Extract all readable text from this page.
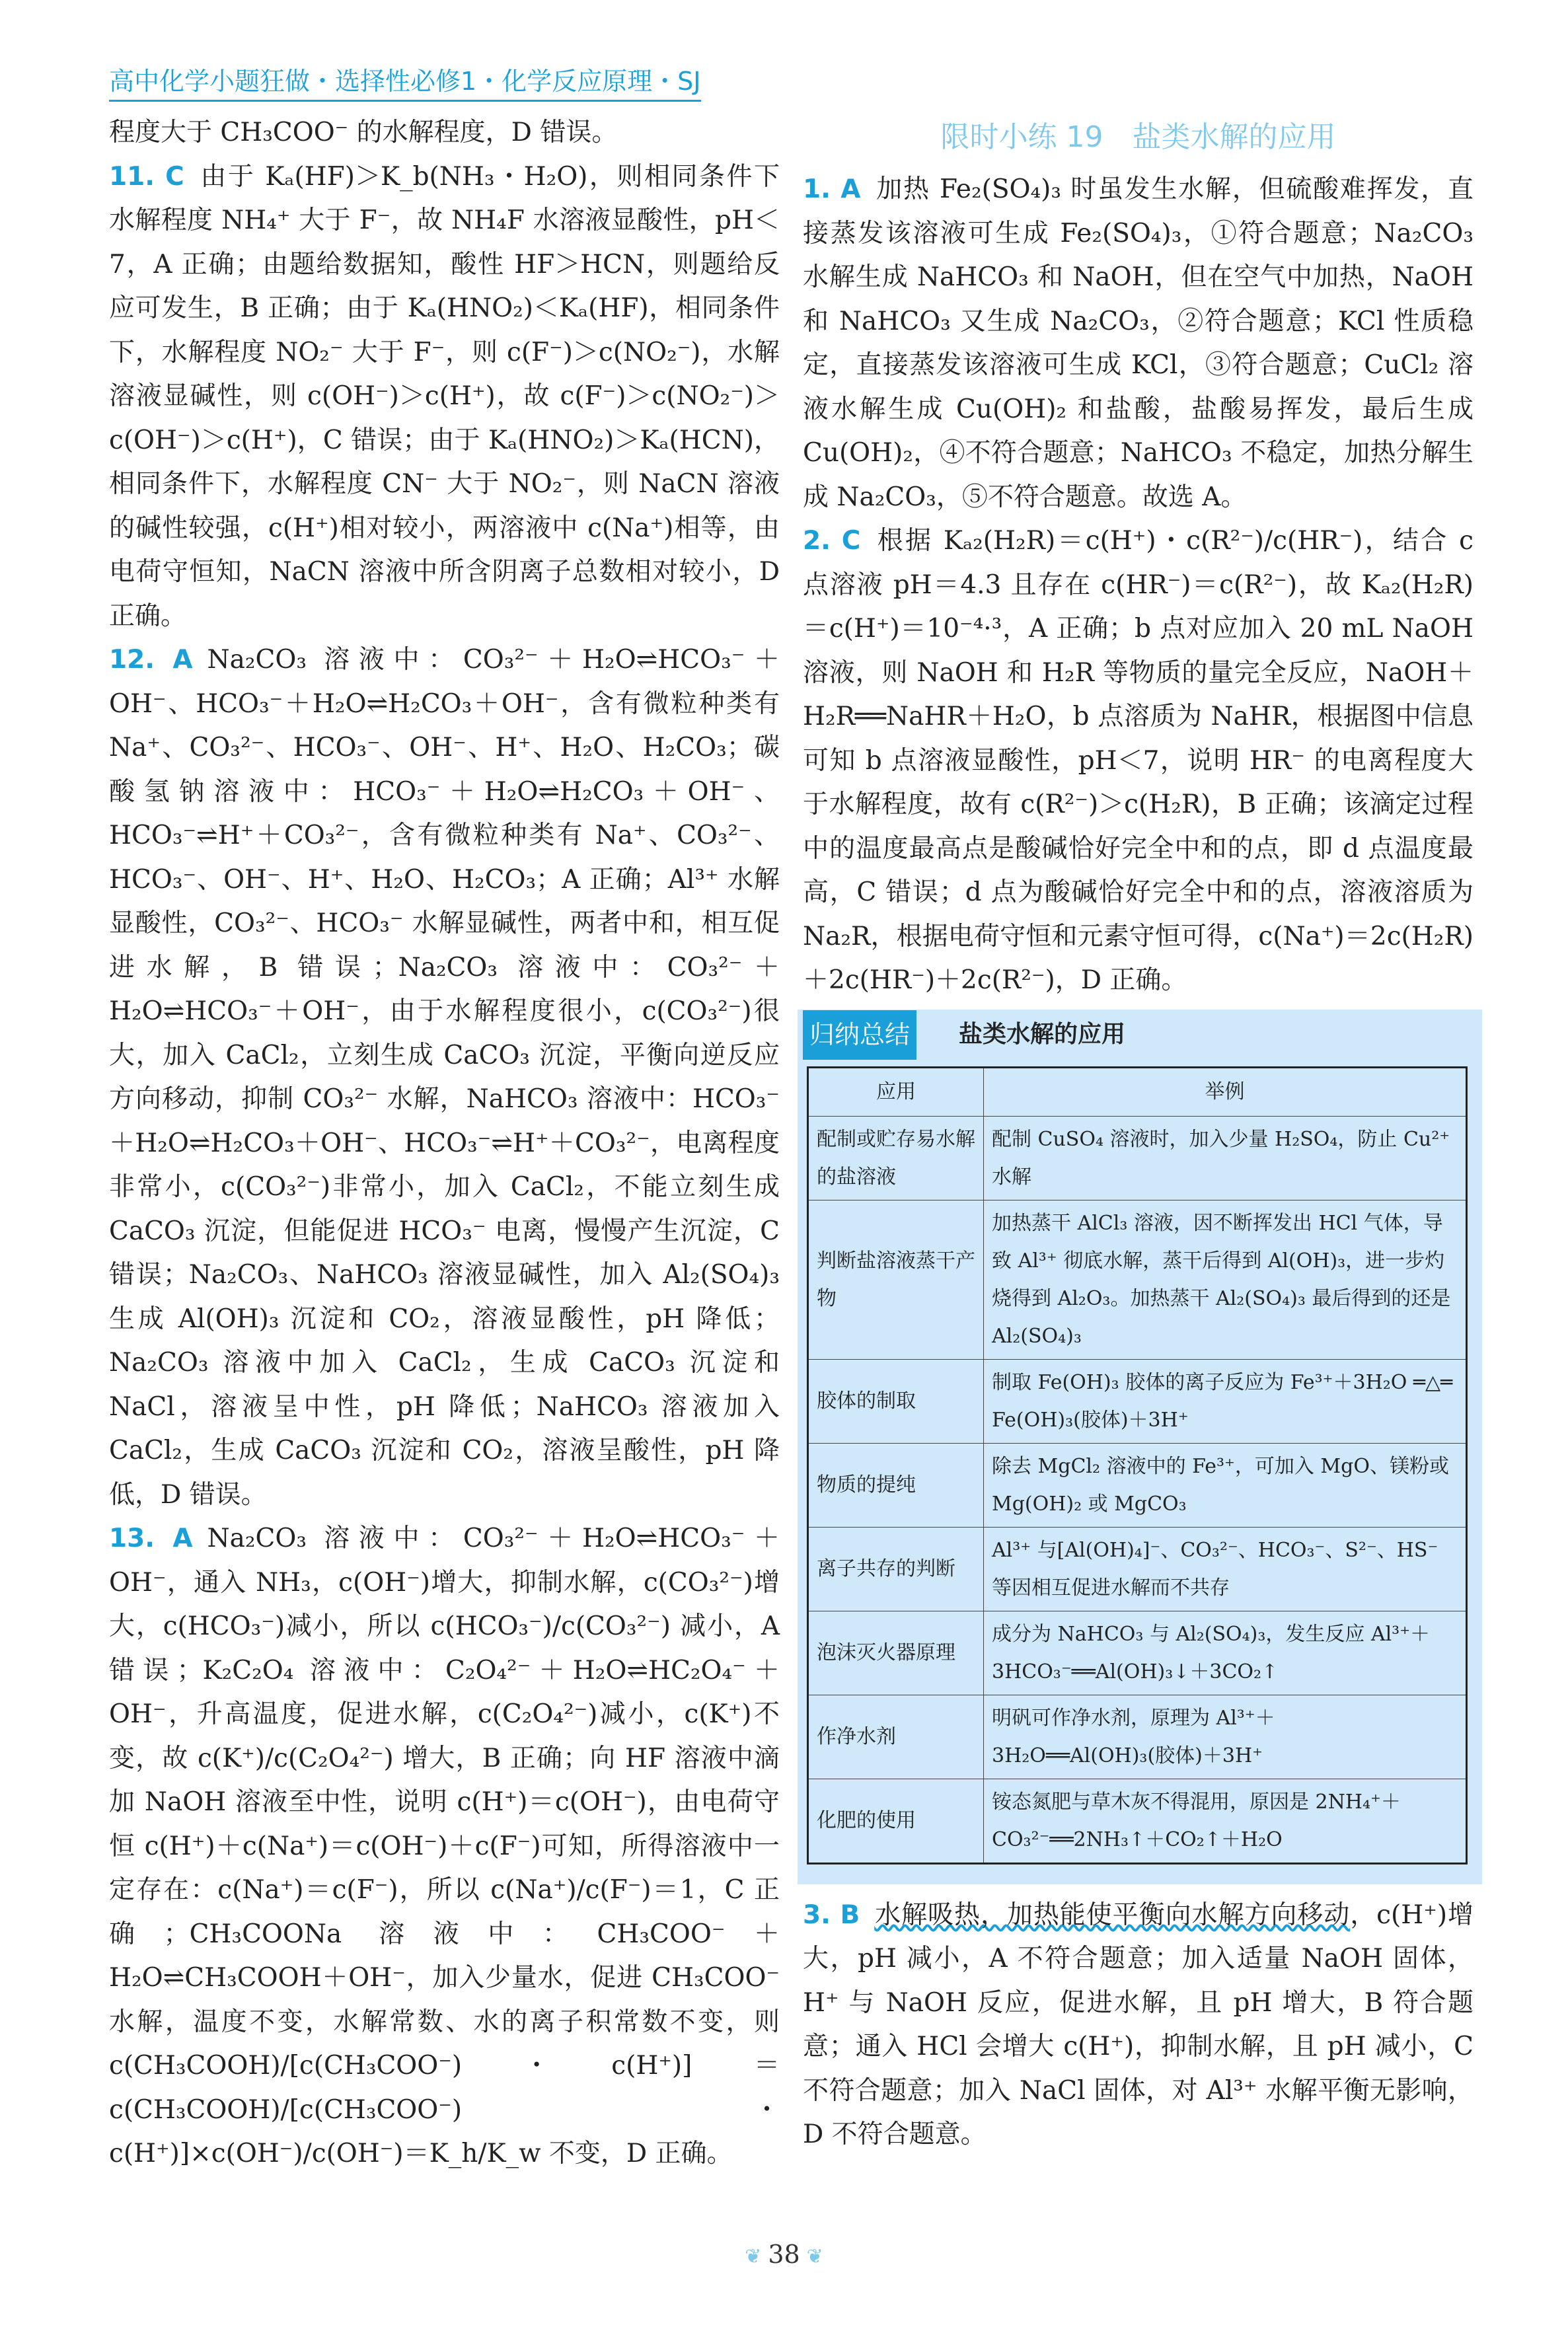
高中化学小题狂做・选择性必修1・化学反应原理・SJ

程度大于 CH₃COO⁻ 的水解程度，D 错误。

11. C 由于 Kₐ(HF)＞K_b(NH₃・H₂O)，则相同条件下水解程度 NH₄⁺ 大于 F⁻，故 NH₄F 水溶液显酸性，pH＜7，A 正确；由题给数据知，酸性 HF＞HCN，则题给反应可发生，B 正确；由于 Kₐ(HNO₂)＜Kₐ(HF)，相同条件下，水解程度 NO₂⁻ 大于 F⁻，则 c(F⁻)＞c(NO₂⁻)，水解溶液显碱性，则 c(OH⁻)＞c(H⁺)，故 c(F⁻)＞c(NO₂⁻)＞c(OH⁻)＞c(H⁺)，C 错误；由于 Kₐ(HNO₂)＞Kₐ(HCN)，相同条件下，水解程度 CN⁻ 大于 NO₂⁻，则 NaCN 溶液的碱性较强，c(H⁺)相对较小，两溶液中 c(Na⁺)相等，由电荷守恒知，NaCN 溶液中所含阴离子总数相对较小，D 正确。

12. A Na₂CO₃ 溶液中：CO₃²⁻＋H₂O⇌HCO₃⁻＋OH⁻、HCO₃⁻＋H₂O⇌H₂CO₃＋OH⁻，含有微粒种类有 Na⁺、CO₃²⁻、HCO₃⁻、OH⁻、H⁺、H₂O、H₂CO₃；碳酸氢钠溶液中：HCO₃⁻＋H₂O⇌H₂CO₃＋OH⁻、HCO₃⁻⇌H⁺＋CO₃²⁻，含有微粒种类有 Na⁺、CO₃²⁻、HCO₃⁻、OH⁻、H⁺、H₂O、H₂CO₃；A 正确；Al³⁺ 水解显酸性，CO₃²⁻、HCO₃⁻ 水解显碱性，两者中和，相互促进水解，B 错误；Na₂CO₃ 溶液中：CO₃²⁻＋H₂O⇌HCO₃⁻＋OH⁻，由于水解程度很小，c(CO₃²⁻)很大，加入 CaCl₂，立刻生成 CaCO₃ 沉淀，平衡向逆反应方向移动，抑制 CO₃²⁻ 水解，NaHCO₃ 溶液中：HCO₃⁻＋H₂O⇌H₂CO₃＋OH⁻、HCO₃⁻⇌H⁺＋CO₃²⁻，电离程度非常小，c(CO₃²⁻)非常小，加入 CaCl₂，不能立刻生成 CaCO₃ 沉淀，但能促进 HCO₃⁻ 电离，慢慢产生沉淀，C 错误；Na₂CO₃、NaHCO₃ 溶液显碱性，加入 Al₂(SO₄)₃ 生成 Al(OH)₃ 沉淀和 CO₂，溶液显酸性，pH 降低；Na₂CO₃ 溶液中加入 CaCl₂，生成 CaCO₃ 沉淀和 NaCl，溶液呈中性，pH 降低；NaHCO₃ 溶液加入 CaCl₂，生成 CaCO₃ 沉淀和 CO₂，溶液呈酸性，pH 降低，D 错误。

13. A Na₂CO₃ 溶液中：CO₃²⁻＋H₂O⇌HCO₃⁻＋OH⁻，通入 NH₃，c(OH⁻)增大，抑制水解，c(CO₃²⁻)增大，c(HCO₃⁻)减小，所以 c(HCO₃⁻)/c(CO₃²⁻) 减小，A 错误；K₂C₂O₄ 溶液中：C₂O₄²⁻＋H₂O⇌HC₂O₄⁻＋OH⁻，升高温度，促进水解，c(C₂O₄²⁻)减小，c(K⁺)不变，故 c(K⁺)/c(C₂O₄²⁻) 增大，B 正确；向 HF 溶液中滴加 NaOH 溶液至中性，说明 c(H⁺)＝c(OH⁻)，由电荷守恒 c(H⁺)＋c(Na⁺)＝c(OH⁻)＋c(F⁻)可知，所得溶液中一定存在：c(Na⁺)＝c(F⁻)，所以 c(Na⁺)/c(F⁻)＝1，C 正确；CH₃COONa 溶液中：CH₃COO⁻＋H₂O⇌CH₃COOH＋OH⁻，加入少量水，促进 CH₃COO⁻ 水解，温度不变，水解常数、水的离子积常数不变，则 c(CH₃COOH)/[c(CH₃COO⁻)・c(H⁺)]＝c(CH₃COOH)/[c(CH₃COO⁻)・c(H⁺)]×c(OH⁻)/c(OH⁻)＝K_h/K_w 不变，D 正确。

限时小练 19　盐类水解的应用

1. A 加热 Fe₂(SO₄)₃ 时虽发生水解，但硫酸难挥发，直接蒸发该溶液可生成 Fe₂(SO₄)₃，①符合题意；Na₂CO₃ 水解生成 NaHCO₃ 和 NaOH，但在空气中加热，NaOH 和 NaHCO₃ 又生成 Na₂CO₃，②符合题意；KCl 性质稳定，直接蒸发该溶液可生成 KCl，③符合题意；CuCl₂ 溶液水解生成 Cu(OH)₂ 和盐酸，盐酸易挥发，最后生成 Cu(OH)₂，④不符合题意；NaHCO₃ 不稳定，加热分解生成 Na₂CO₃，⑤不符合题意。故选 A。

2. C 根据 Kₐ₂(H₂R)＝c(H⁺)・c(R²⁻)/c(HR⁻)，结合 c 点溶液 pH＝4.3 且存在 c(HR⁻)＝c(R²⁻)，故 Kₐ₂(H₂R)＝c(H⁺)＝10⁻⁴·³，A 正确；b 点对应加入 20 mL NaOH 溶液，则 NaOH 和 H₂R 等物质的量完全反应，NaOH＋H₂R══NaHR＋H₂O，b 点溶质为 NaHR，根据图中信息可知 b 点溶液显酸性，pH＜7，说明 HR⁻ 的电离程度大于水解程度，故有 c(R²⁻)＞c(H₂R)，B 正确；该滴定过程中的温度最高点是酸碱恰好完全中和的点，即 d 点温度最高，C 错误；d 点为酸碱恰好完全中和的点，溶液溶质为 Na₂R，根据电荷守恒和元素守恒可得，c(Na⁺)＝2c(H₂R)＋2c(HR⁻)＋2c(R²⁻)，D 正确。

归纳总结 盐类水解的应用
应用	举例
配制或贮存易水解的盐溶液	配制 CuSO₄ 溶液时，加入少量 H₂SO₄，防止 Cu²⁺ 水解
判断盐溶液蒸干产物	加热蒸干 AlCl₃ 溶液，因不断挥发出 HCl 气体，导致 Al³⁺ 彻底水解，蒸干后得到 Al(OH)₃，进一步灼烧得到 Al₂O₃。加热蒸干 Al₂(SO₄)₃ 最后得到的还是 Al₂(SO₄)₃
胶体的制取	制取 Fe(OH)₃ 胶体的离子反应为 Fe³⁺＋3H₂O ═△═ Fe(OH)₃(胶体)＋3H⁺
物质的提纯	除去 MgCl₂ 溶液中的 Fe³⁺，可加入 MgO、镁粉或 Mg(OH)₂ 或 MgCO₃
离子共存的判断	Al³⁺ 与[Al(OH)₄]⁻、CO₃²⁻、HCO₃⁻、S²⁻、HS⁻ 等因相互促进水解而不共存
泡沫灭火器原理	成分为 NaHCO₃ 与 Al₂(SO₄)₃，发生反应 Al³⁺＋3HCO₃⁻══Al(OH)₃↓＋3CO₂↑
作净水剂	明矾可作净水剂，原理为 Al³⁺＋3H₂O══Al(OH)₃(胶体)＋3H⁺
化肥的使用	铵态氮肥与草木灰不得混用，原因是 2NH₄⁺＋CO₃²⁻══2NH₃↑＋CO₂↑＋H₂O

3. B 水解吸热，加热能使平衡向水解方向移动，c(H⁺)增大，pH 减小，A 不符合题意；加入适量 NaOH 固体，H⁺ 与 NaOH 反应，促进水解，且 pH 增大，B 符合题意；通入 HCl 会增大 c(H⁺)，抑制水解，且 pH 减小，C 不符合题意；加入 NaCl 固体，对 Al³⁺ 水解平衡无影响，D 不符合题意。

❦ 38 ❦
